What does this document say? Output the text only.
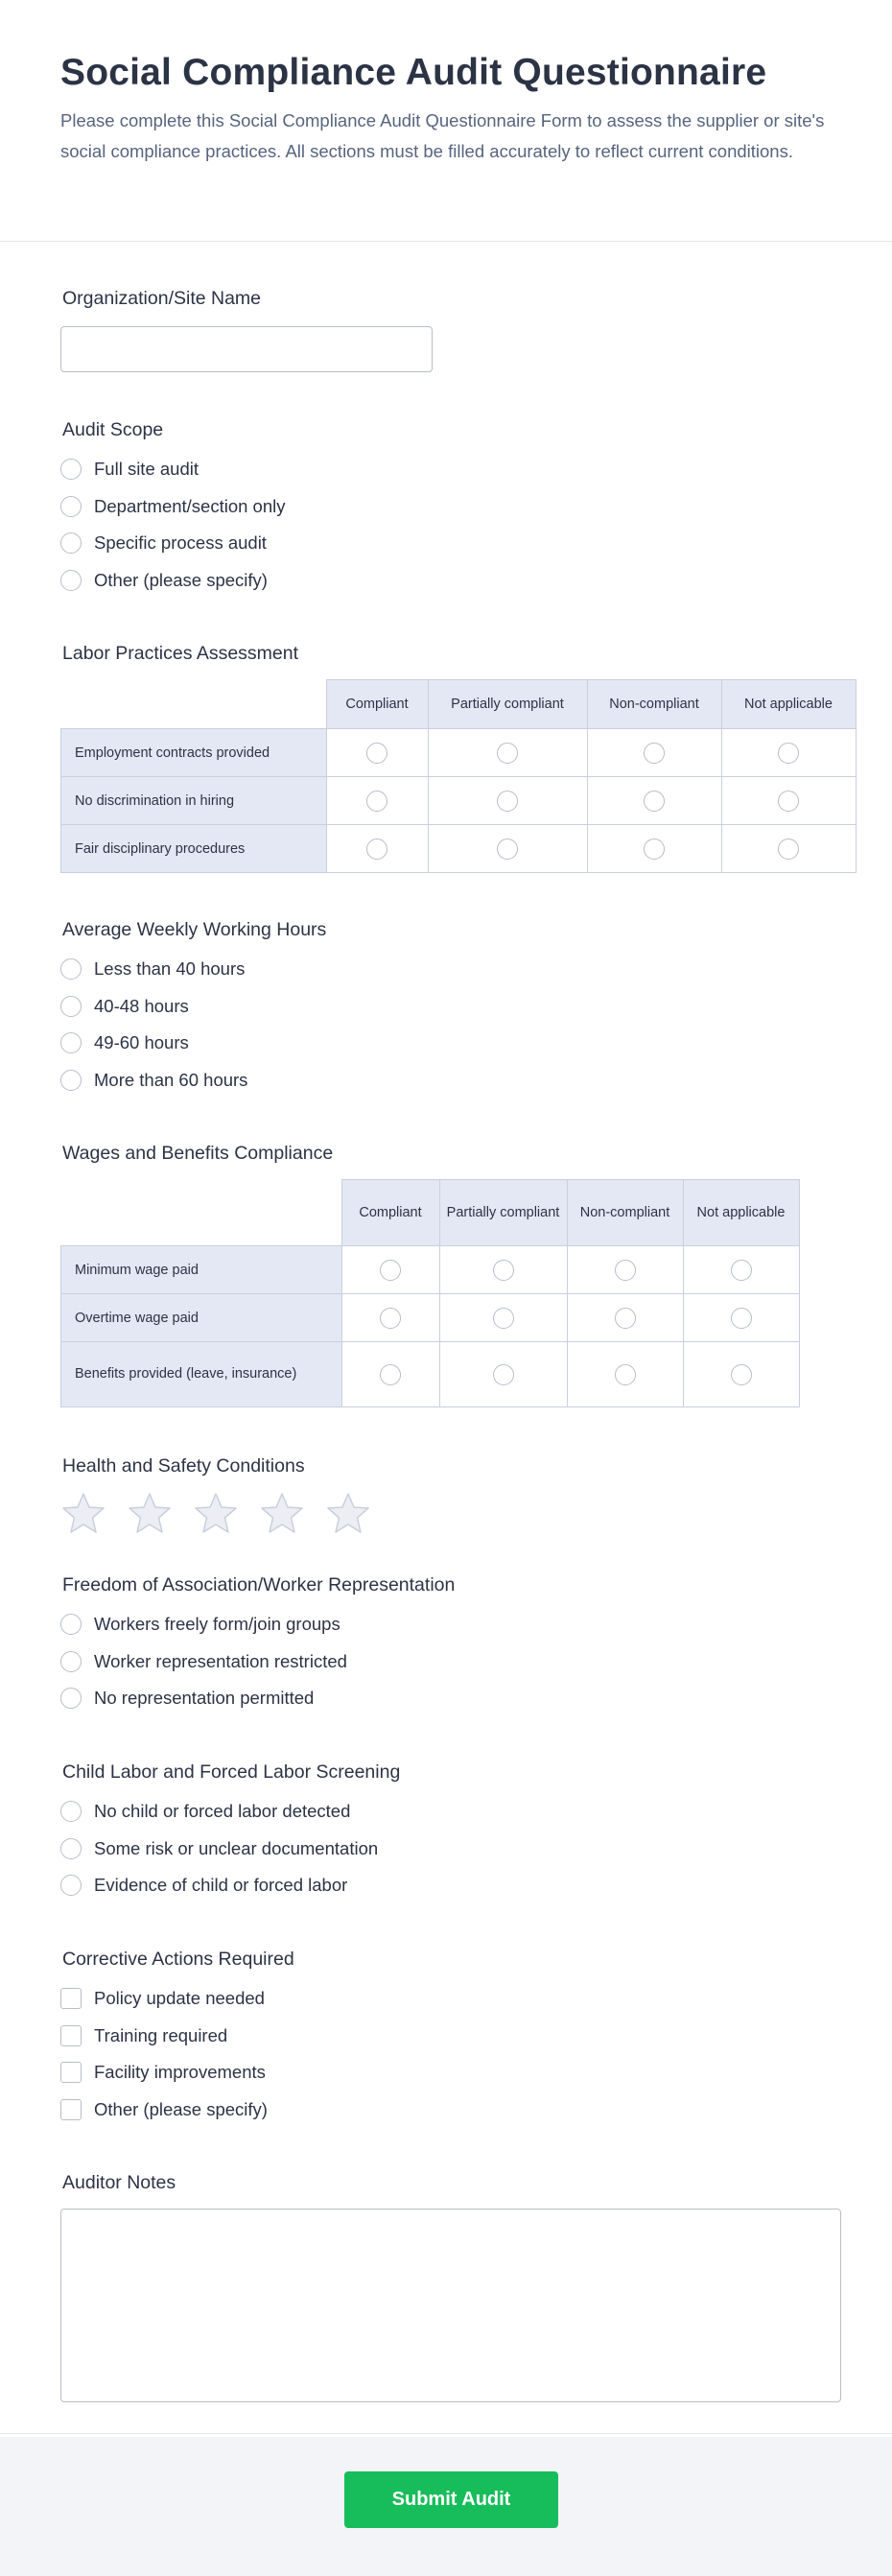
Social Compliance Audit Questionnaire
Please complete this Social Compliance Audit Questionnaire Form to assess the supplier or site's social compliance practices. All sections must be filled accurately to reflect current conditions.
Organization/Site Name
Audit Scope
Full site audit
Department/section only
Specific process audit
Other (please specify)
Labor Practices Assessment
	Compliant	Partially compliant	Non-compliant	Not applicable
Employment contracts provided				
No discrimination in hiring				
Fair disciplinary procedures				
Average Weekly Working Hours
Less than 40 hours
40-48 hours
49-60 hours
More than 60 hours
Wages and Benefits Compliance
	Compliant	Partially compliant	Non-compliant	Not applicable
Minimum wage paid				
Overtime wage paid				
Benefits provided (leave, insurance)				
Health and Safety Conditions
Freedom of Association/Worker Representation
Workers freely form/join groups
Worker representation restricted
No representation permitted
Child Labor and Forced Labor Screening
No child or forced labor detected
Some risk or unclear documentation
Evidence of child or forced labor
Corrective Actions Required
Policy update needed
Training required
Facility improvements
Other (please specify)
Auditor Notes
Submit Audit
